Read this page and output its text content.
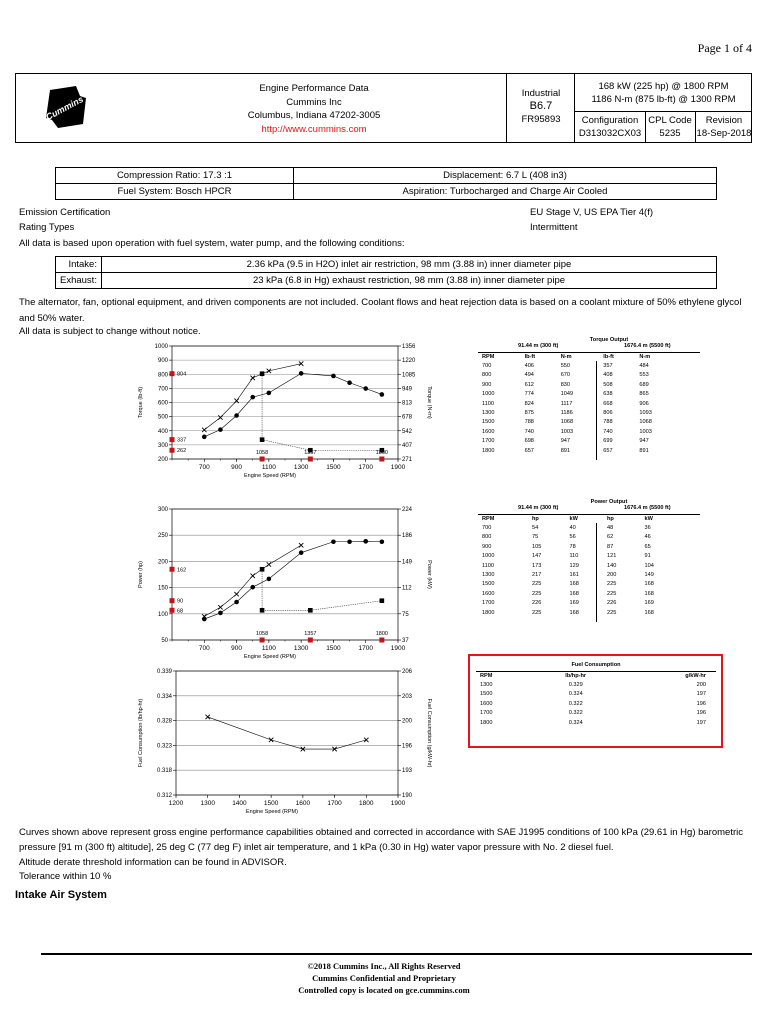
Page 1 of 4
Cummins
Engine Performance Data
Cummins Inc
Columbus, Indiana 47202-3005
http://www.cummins.com
Industrial
B6.7
FR95893
168 kW (225 hp) @ 1800 RPM
1186 N-m (875 lb-ft) @ 1300 RPM
Configuration
D313032CX03
CPL Code
5235
Revision
18-Sep-2018
Compression Ratio: 17.3 :1	Displacement: 6.7 L (408 in3)
Fuel System: Bosch HPCR	Aspiration: Turbocharged and Charge Air Cooled
Emission Certification	EU Stage V, US EPA Tier 4(f)
Rating Types	Intermittent
All data is based upon operation with fuel system, water pump, and the following conditions:
Intake:	2.36 kPa (9.5 in H2O) inlet air restriction, 98 mm (3.88 in) inner diameter pipe
Exhaust:	23 kPa (6.8 in Hg) exhaust restriction, 98 mm (3.88 in) inner diameter pipe
The alternator, fan, optional equipment, and driven components are not included. Coolant flows and heat rejection data is based on a coolant mixture of 50% ethylene glycol and 50% water.
All data is subject to change without notice.
1000
900
800
700
600
500
400
300
200
1356
1220
1085
949
813
678
542
407
271
700	900	1100	1300	1500	1700	1900
Engine Speed (RPM)
Torque (lb-ft)	Torque (N-m)
804
337
262	1058	1357	1800
300
250
200
150
100
50
224
186
149
112
75
37
700	900	1100	1300	1500	1700	1900
Engine Speed (RPM)
Power (hp)	Power (kW)
162
90
68
1058	1357	1800
0.339
0.334
0.328
0.323
0.318
0.312
206
203
200
196
193
190
1200	1300	1400	1500	1600	1700	1800	1900
Engine Speed (RPM)
Fuel Consumption (lb/hp-hr)	Fuel Consumption (g/kW-hr)
Torque Output
91.44 m (300 ft)	1676.4 m (5500 ft)
RPM	lb-ft	N-m	lb-ft	N-m
700	406	550	357	484
800	494	670	408	553
900	612	830	508	689
1000	774	1049	638	865
1100	824	1117	668	906
1300	875	1186	806	1093
1500	788	1068	788	1068
1600	740	1003	740	1003
1700	698	947	699	947
1800	657	891	657	891
Power Output
91.44 m (300 ft)	1676.4 m (5500 ft)
RPM	hp	kW	hp	kW
700	54	40	48	36
800	75	56	62	46
900	105	78	87	65
1000	147	110	121	91
1100	173	129	140	104
1300	217	161	200	149
1500	225	168	225	168
1600	225	168	225	168
1700	226	169	226	169
1800	225	168	225	168
Fuel Consumption
RPM	lb/hp-hr	g/kW-hr
1300	0.329	200
1500	0.324	197
1600	0.322	196
1700	0.322	196
1800	0.324	197
Curves shown above represent gross engine performance capabilities obtained and corrected in accordance with SAE J1995 conditions of 100 kPa (29.61 in Hg) barometric pressure [91 m (300 ft) altitude], 25 deg C (77 deg F) inlet air temperature, and 1 kPa (0.30 in Hg) water vapor pressure with No. 2 diesel fuel.
Altitude derate threshold information can be found in ADVISOR.
Tolerance within 10 %
Intake Air System
©2018 Cummins Inc., All Rights Reserved
Cummins Confidential and Proprietary
Controlled copy is located on gce.cummins.com
